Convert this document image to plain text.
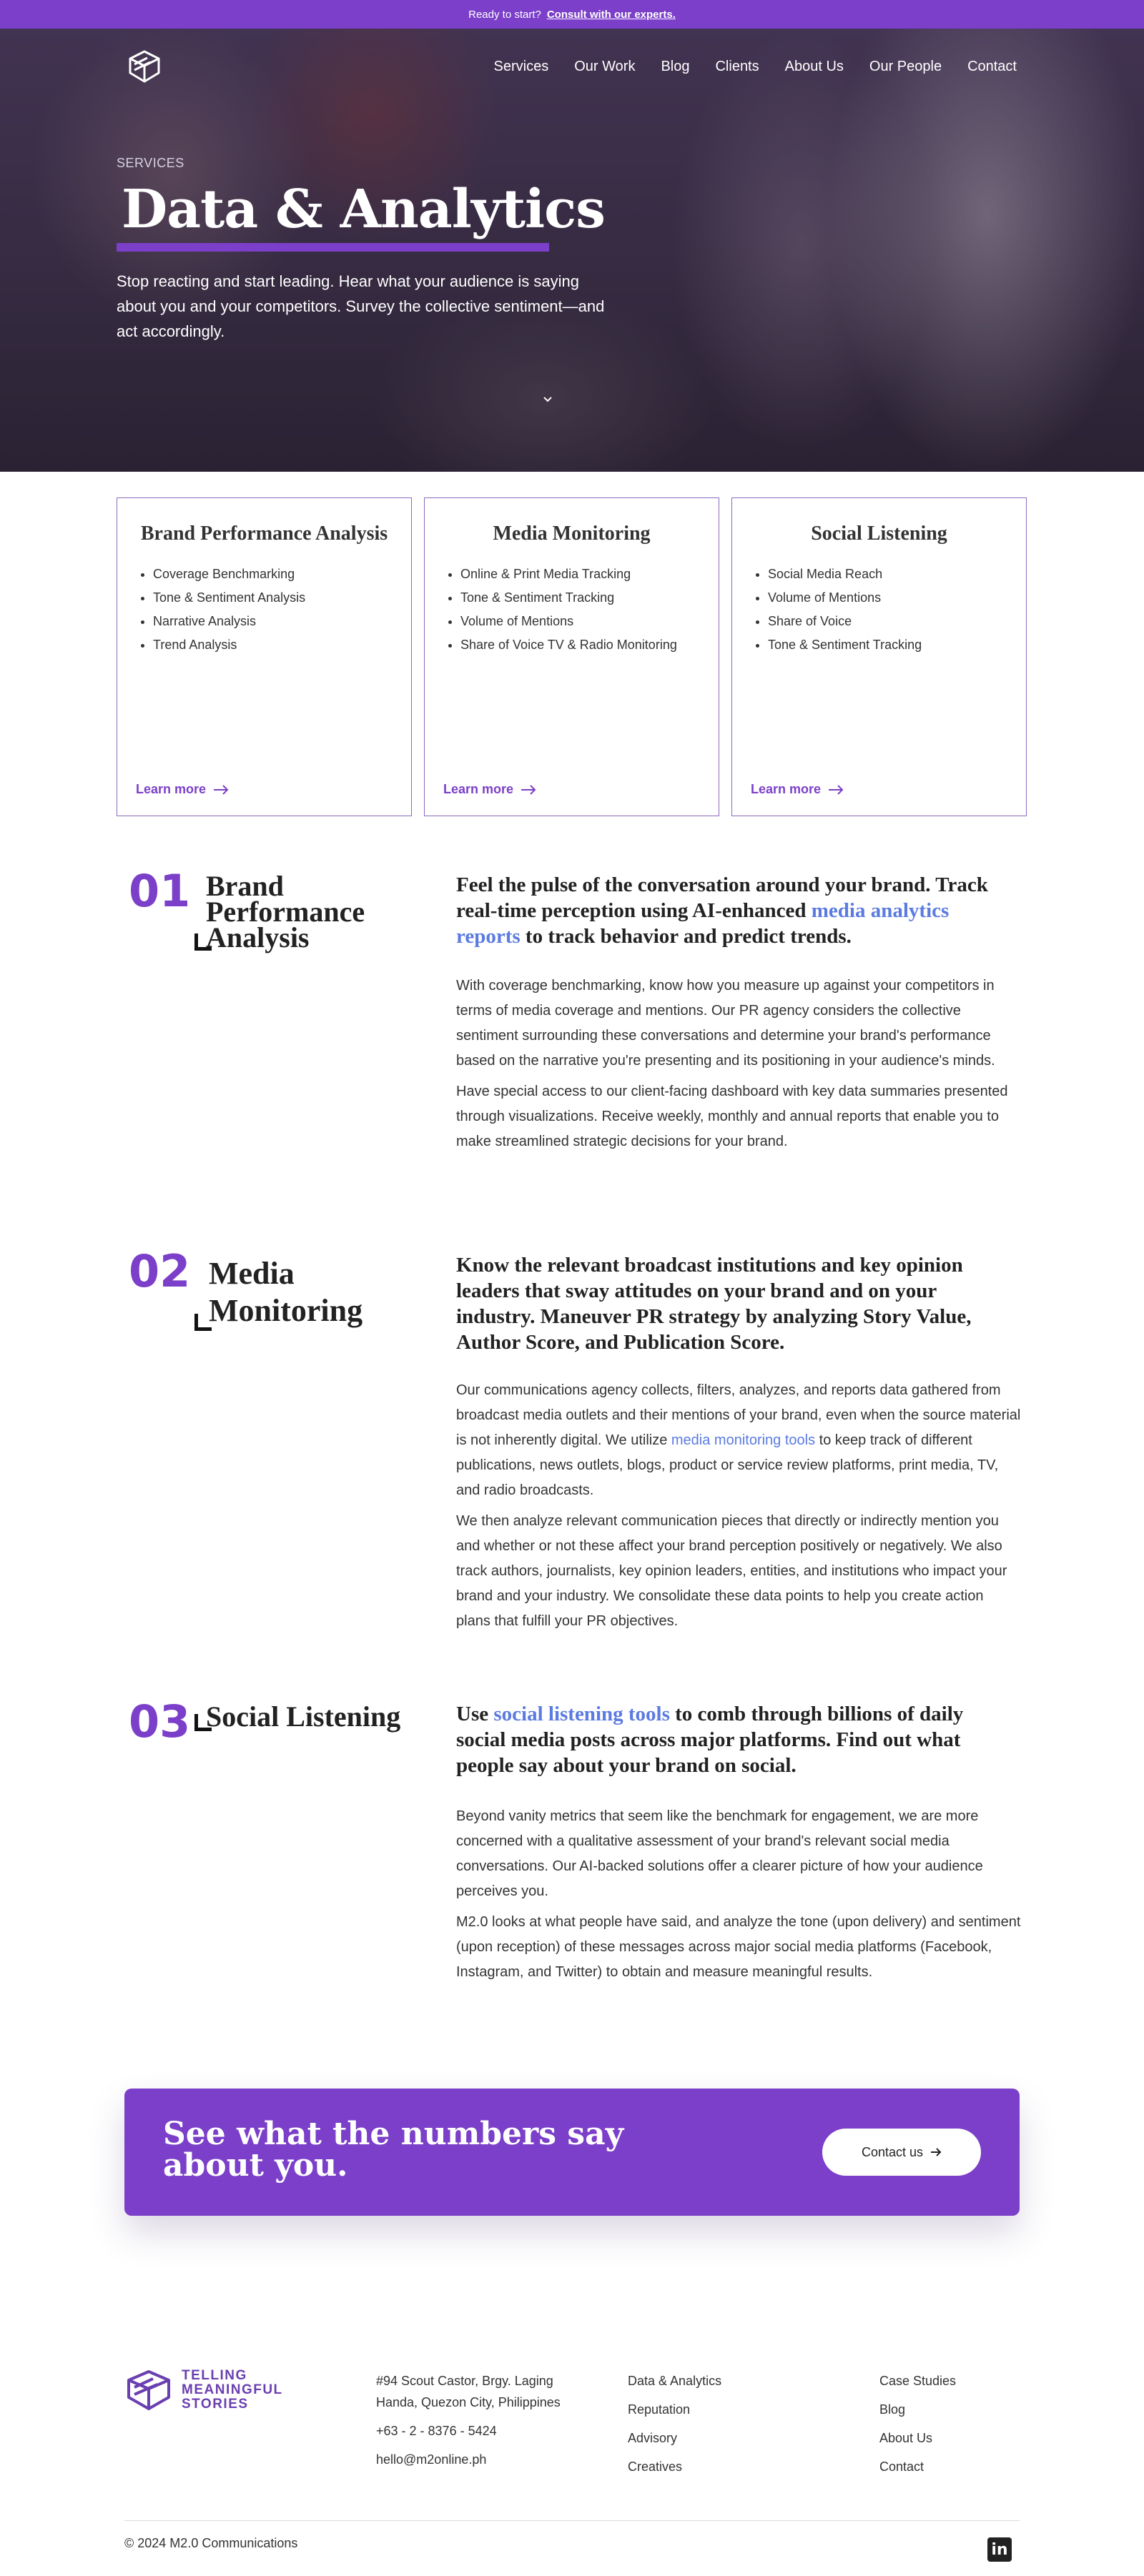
Ready to start? Consult with our experts.
Services Our Work Blog Clients About Us Our People Contact
SERVICES
Data & Analytics

Stop reacting and start leading. Hear what your audience is saying about you and your competitors. Survey the collective sentiment—and act accordingly.

Brand Performance Analysis
• Coverage Benchmarking
• Tone & Sentiment Analysis
• Narrative Analysis
• Trend Analysis
Learn more
Media Monitoring
• Online & Print Media Tracking
• Tone & Sentiment Tracking
• Volume of Mentions
• Share of Voice TV & Radio Monitoring
Learn more
Social Listening
• Social Media Reach
• Volume of Mentions
• Share of Voice
• Tone & Sentiment Tracking
Learn more
01 Brand Performance Analysis
Feel the pulse of the conversation around your brand. Track real-time perception using AI-enhanced media analytics reports to track behavior and predict trends.

With coverage benchmarking, know how you measure up against your competitors in terms of media coverage and mentions. Our PR agency considers the collective sentiment surrounding these conversations and determine your brand's performance based on the narrative you're presenting and its positioning in your audience's minds.

Have special access to our client-facing dashboard with key data summaries presented through visualizations. Receive weekly, monthly and annual reports that enable you to make streamlined strategic decisions for your brand.

02 Media Monitoring
Know the relevant broadcast institutions and key opinion leaders that sway attitudes on your brand and on your industry. Maneuver PR strategy by analyzing Story Value, Author Score, and Publication Score.

Our communications agency collects, filters, analyzes, and reports data gathered from broadcast media outlets and their mentions of your brand, even when the source material is not inherently digital. We utilize media monitoring tools to keep track of different publications, news outlets, blogs, product or service review platforms, print media, TV, and radio broadcasts.

We then analyze relevant communication pieces that directly or indirectly mention you and whether or not these affect your brand perception positively or negatively. We also track authors, journalists, key opinion leaders, entities, and institutions who impact your brand and your industry. We consolidate these data points to help you create action plans that fulfill your PR objectives.

03 Social Listening	Use social listening tools to comb through billions of daily social media posts across major platforms. Find out what people say about your brand on social.

Beyond vanity metrics that seem like the benchmark for engagement, we are more concerned with a qualitative assessment of your brand's relevant social media conversations. Our AI-backed solutions offer a clearer picture of how your audience perceives you.

M2.0 looks at what people have said, and analyze the tone (upon delivery) and sentiment (upon reception) of these messages across major social media platforms (Facebook, Instagram, and Twitter) to obtain and measure meaningful results.

See what the numbers say about you.	Contact us
TELLING
MEANINGFUL
STORIES
#94 Scout Castor, Brgy. Laging Handa, Quezon City, Philippines
+63 - 2 - 8376 - 5424
hello@m2online.ph
Data & Analytics
Reputation
Advisory
Creatives
Case Studies
Blog
About Us
Contact
© 2024 M2.0 Communications	in
